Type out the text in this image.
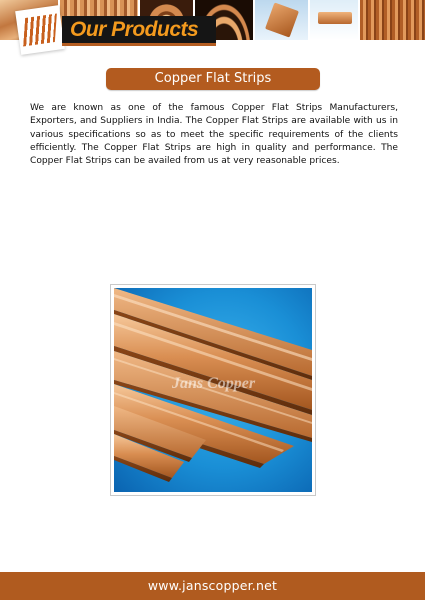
Our Products
Copper Flat Strips

We are known as one of the famous Copper Flat Strips Manufacturers, Exporters, and Suppliers in India. The Copper Flat Strips are available with us in various specifications so as to meet the specific requirements of the clients efficiently. The Copper Flat Strips are high in quality and performance. The Copper Flat Strips can be availed from us at very reasonable prices.

Jans Copper
www.janscopper.net
